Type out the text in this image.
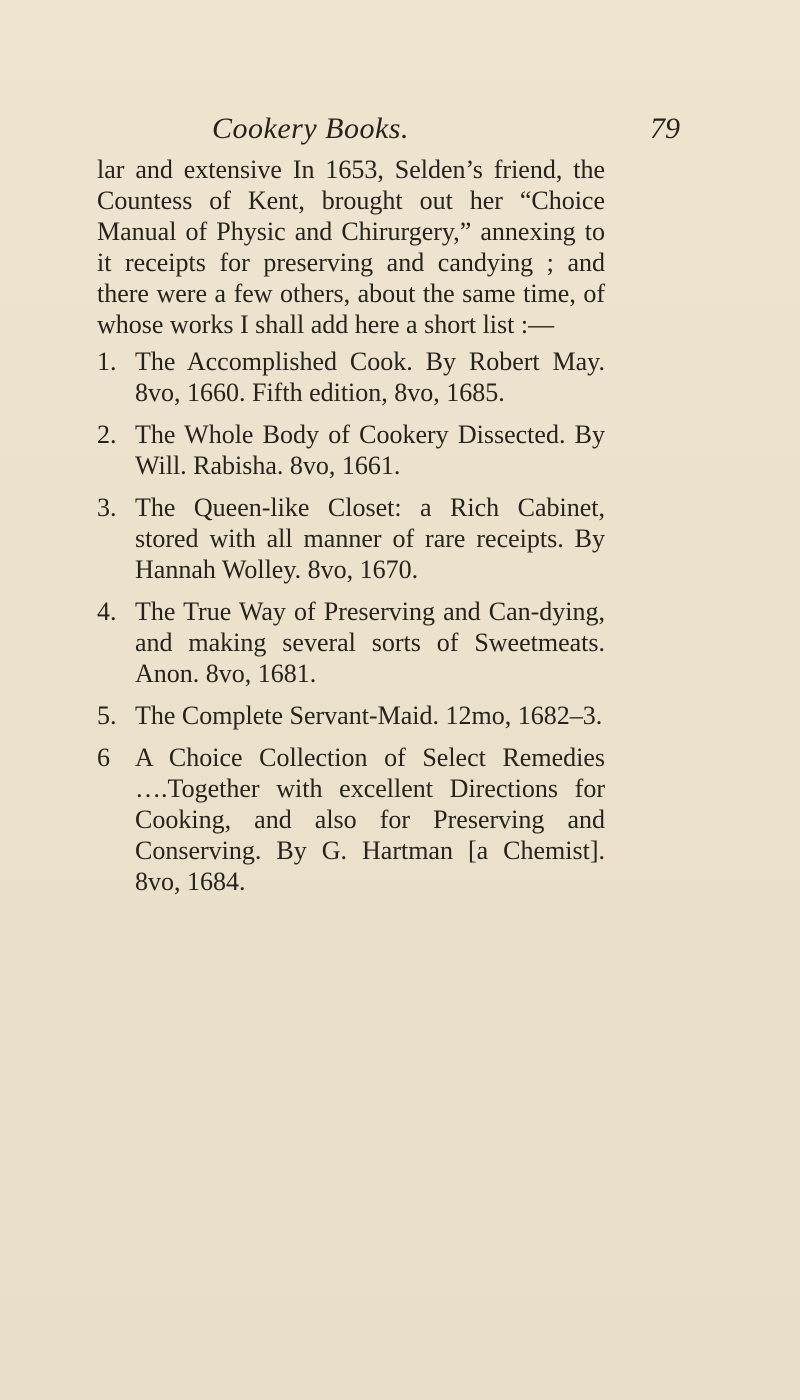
Cookery Books.	79

lar and extensive In 1653, Selden’s friend, the Countess of Kent, brought out her “Choice Manual of Physic and Chirurgery,” annexing to it receipts for preserving and candying ; and there were a few others, about the same time, of whose works I shall add here a short list :—

1. The Accomplished Cook. By Robert May. 8vo, 1660. Fifth edition, 8vo, 1685.
2. The Whole Body of Cookery Dissected. By Will. Rabisha. 8vo, 1661.
3. The Queen-like Closet: a Rich Cabinet, stored with all manner of rare receipts. By Hannah Wolley. 8vo, 1670.
4. The True Way of Preserving and Can-dying, and making several sorts of Sweetmeats. Anon. 8vo, 1681.
5. The Complete Servant-Maid. 12mo, 1682–3.
6 A Choice Collection of Select Remedies ….Together with excellent Directions for Cooking, and also for Preserving and Conserving. By G. Hartman [a Chemist]. 8vo, 1684.
